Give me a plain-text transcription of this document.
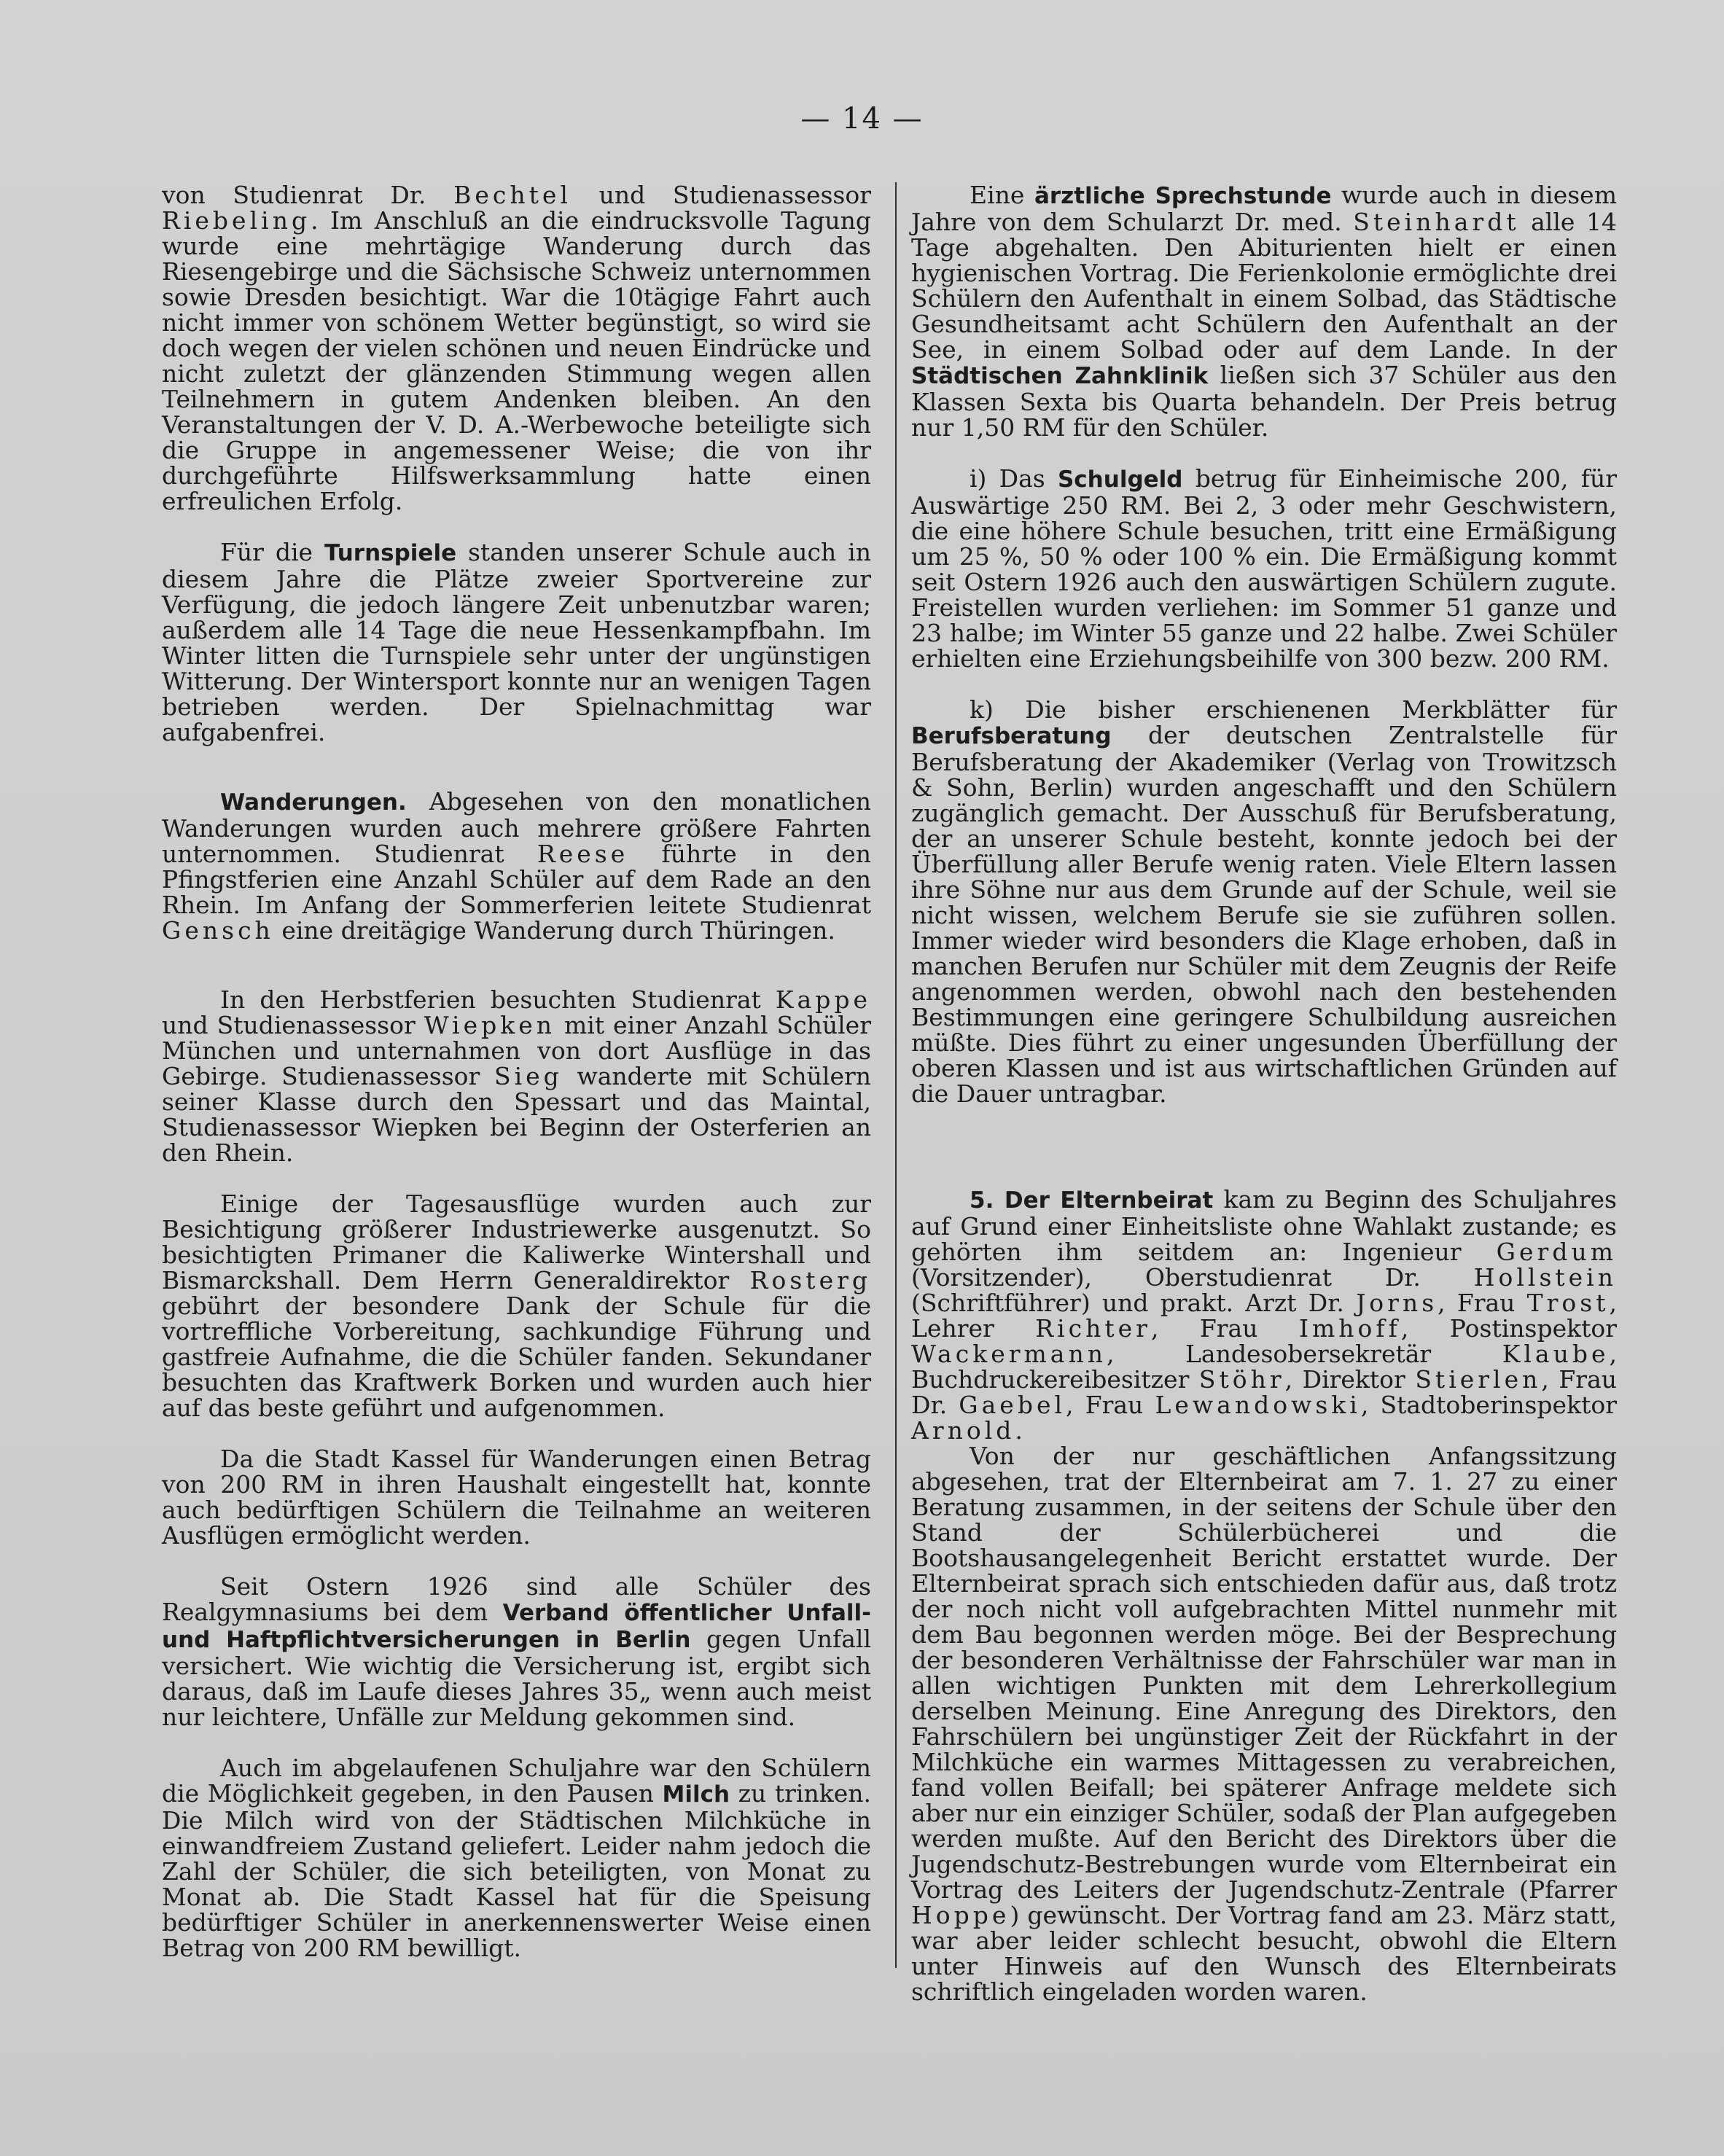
— 14 —

von Studienrat Dr. Bechtel und Studienassessor Riebeling. Im Anschluß an die eindrucksvolle Tagung wurde eine mehrtägige Wanderung durch das Riesengebirge und die Sächsische Schweiz unternommen sowie Dresden besichtigt. War die 10tägige Fahrt auch nicht immer von schönem Wetter begünstigt, so wird sie doch wegen der vielen schönen und neuen Eindrücke und nicht zuletzt der glänzenden Stimmung wegen allen Teilnehmern in gutem Andenken bleiben. An den Veranstaltungen der V. D. A.-Werbewoche beteiligte sich die Gruppe in angemessener Weise; die von ihr durchgeführte Hilfswerksammlung hatte einen erfreulichen Erfolg.

Für die Turnspiele standen unserer Schule auch in diesem Jahre die Plätze zweier Sportvereine zur Verfügung, die jedoch längere Zeit unbenutzbar waren; außerdem alle 14 Tage die neue Hessenkampfbahn. Im Winter litten die Turnspiele sehr unter der ungünstigen Witterung. Der Wintersport konnte nur an wenigen Tagen betrieben werden. Der Spielnachmittag war aufgabenfrei.

Wanderungen. Abgesehen von den monatlichen Wanderungen wurden auch mehrere größere Fahrten unternommen. Studienrat Reese führte in den Pfingstferien eine Anzahl Schüler auf dem Rade an den Rhein. Im Anfang der Sommerferien leitete Studienrat Gensch eine dreitägige Wanderung durch Thüringen.

In den Herbstferien besuchten Studienrat Kappe und Studienassessor Wiepken mit einer Anzahl Schüler München und unternahmen von dort Ausflüge in das Gebirge. Studienassessor Sieg wanderte mit Schülern seiner Klasse durch den Spessart und das Maintal, Studienassessor Wiepken bei Beginn der Osterferien an den Rhein.

Einige der Tagesausflüge wurden auch zur Besichtigung größerer Industriewerke ausgenutzt. So besichtigten Primaner die Kaliwerke Wintershall und Bismarckshall. Dem Herrn Generaldirektor Rosterg gebührt der besondere Dank der Schule für die vortreffliche Vorbereitung, sachkundige Führung und gastfreie Aufnahme, die die Schüler fanden. Sekundaner besuchten das Kraftwerk Borken und wurden auch hier auf das beste geführt und aufgenommen.

Da die Stadt Kassel für Wanderungen einen Betrag von 200 RM in ihren Haushalt eingestellt hat, konnte auch bedürftigen Schülern die Teilnahme an weiteren Ausflügen ermöglicht werden.

Seit Ostern 1926 sind alle Schüler des Realgymnasiums bei dem Verband öffentlicher Unfall- und Haftpflichtversicherungen in Berlin gegen Unfall versichert. Wie wichtig die Versicherung ist, ergibt sich daraus, daß im Laufe dieses Jahres 35„ wenn auch meist nur leichtere, Unfälle zur Meldung gekommen sind.

Auch im abgelaufenen Schuljahre war den Schülern die Möglichkeit gegeben, in den Pausen Milch zu trinken. Die Milch wird von der Städtischen Milchküche in einwandfreiem Zustand geliefert. Leider nahm jedoch die Zahl der Schüler, die sich beteiligten, von Monat zu Monat ab. Die Stadt Kassel hat für die Speisung bedürftiger Schüler in anerkennenswerter Weise einen Betrag von 200 RM bewilligt.

Eine ärztliche Sprechstunde wurde auch in diesem Jahre von dem Schularzt Dr. med. Steinhardt alle 14 Tage abgehalten. Den Abiturienten hielt er einen hygienischen Vortrag. Die Ferienkolonie ermöglichte drei Schülern den Aufenthalt in einem Solbad, das Städtische Gesundheitsamt acht Schülern den Aufenthalt an der See, in einem Solbad oder auf dem Lande. In der Städtischen Zahnklinik ließen sich 37 Schüler aus den Klassen Sexta bis Quarta behandeln. Der Preis betrug nur 1,50 RM für den Schüler.

i) Das Schulgeld betrug für Einheimische 200, für Auswärtige 250 RM. Bei 2, 3 oder mehr Geschwistern, die eine höhere Schule besuchen, tritt eine Ermäßigung um 25 %, 50 % oder 100 % ein. Die Ermäßigung kommt seit Ostern 1926 auch den auswärtigen Schülern zugute. Freistellen wurden verliehen: im Sommer 51 ganze und 23 halbe; im Winter 55 ganze und 22 halbe. Zwei Schüler erhielten eine Erziehungsbeihilfe von 300 bezw. 200 RM.

k) Die bisher erschienenen Merkblätter für Berufsberatung der deutschen Zentralstelle für Berufsberatung der Akademiker (Verlag von Trowitzsch & Sohn, Berlin) wurden angeschafft und den Schülern zugänglich gemacht. Der Ausschuß für Berufsberatung, der an unserer Schule besteht, konnte jedoch bei der Überfüllung aller Berufe wenig raten. Viele Eltern lassen ihre Söhne nur aus dem Grunde auf der Schule, weil sie nicht wissen, welchem Berufe sie sie zuführen sollen. Immer wieder wird besonders die Klage erhoben, daß in manchen Berufen nur Schüler mit dem Zeugnis der Reife angenommen werden, obwohl nach den bestehenden Bestimmungen eine geringere Schulbildung ausreichen müßte. Dies führt zu einer ungesunden Überfüllung der oberen Klassen und ist aus wirtschaftlichen Gründen auf die Dauer untragbar.

5. Der Elternbeirat kam zu Beginn des Schuljahres auf Grund einer Einheitsliste ohne Wahlakt zustande; es gehörten ihm seitdem an: Ingenieur Gerdum (Vorsitzender), Oberstudienrat Dr. Hollstein (Schriftführer) und prakt. Arzt Dr. Jorns, Frau Trost, Lehrer Richter, Frau Imhoff, Postinspektor Wackermann, Landesobersekretär Klaube, Buchdruckereibesitzer Stöhr, Direktor Stierlen, Frau Dr. Gaebel, Frau Lewandowski, Stadtoberinspektor Arnold.

Von der nur geschäftlichen Anfangssitzung abgesehen, trat der Elternbeirat am 7. 1. 27 zu einer Beratung zusammen, in der seitens der Schule über den Stand der Schülerbücherei und die Bootshausangelegenheit Bericht erstattet wurde. Der Elternbeirat sprach sich entschieden dafür aus, daß trotz der noch nicht voll aufgebrachten Mittel nunmehr mit dem Bau begonnen werden möge. Bei der Besprechung der besonderen Verhältnisse der Fahrschüler war man in allen wichtigen Punkten mit dem Lehrerkollegium derselben Meinung. Eine Anregung des Direktors, den Fahrschülern bei ungünstiger Zeit der Rückfahrt in der Milchküche ein warmes Mittagessen zu verabreichen, fand vollen Beifall; bei späterer Anfrage meldete sich aber nur ein einziger Schüler, sodaß der Plan aufgegeben werden mußte. Auf den Bericht des Direktors über die Jugendschutz-Bestrebungen wurde vom Elternbeirat ein Vortrag des Leiters der Jugendschutz-Zentrale (Pfarrer Hoppe) gewünscht. Der Vortrag fand am 23. März statt, war aber leider schlecht besucht, obwohl die Eltern unter Hinweis auf den Wunsch des Elternbeirats schriftlich eingeladen worden waren.
